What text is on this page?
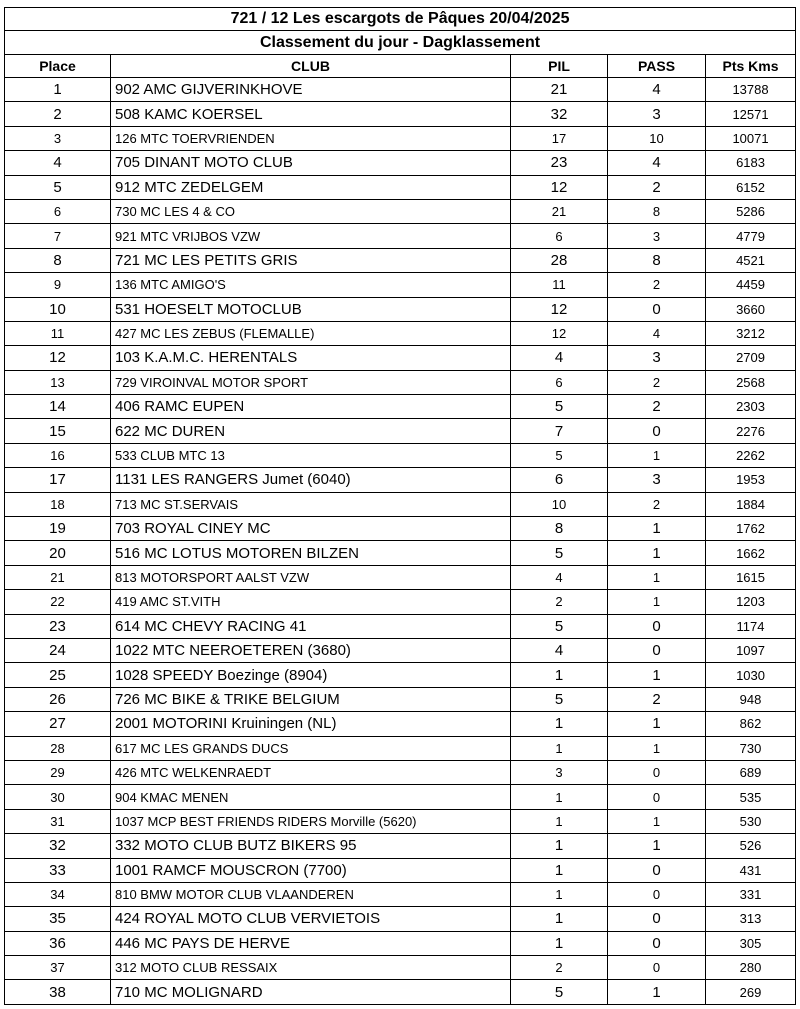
721 / 12 Les escargots de Pâques 20/04/2025				
Classement du jour - Dagklassement				
Place	CLUB	PIL	PASS	Pts Kms
1	902 AMC GIJVERINKHOVE	21	4	13788
2	508 KAMC KOERSEL	32	3	12571
3	126 MTC TOERVRIENDEN	17	10	10071
4	705 DINANT MOTO CLUB	23	4	6183
5	912 MTC ZEDELGEM	12	2	6152
6	730 MC LES 4 & CO	21	8	5286
7	921 MTC VRIJBOS VZW	6	3	4779
8	721 MC LES PETITS GRIS	28	8	4521
9	136 MTC AMIGO'S	11	2	4459
10	531 HOESELT MOTOCLUB	12	0	3660
11	427 MC LES ZEBUS (FLEMALLE)	12	4	3212
12	103 K.A.M.C. HERENTALS	4	3	2709
13	729 VIROINVAL MOTOR SPORT	6	2	2568
14	406 RAMC EUPEN	5	2	2303
15	622 MC DUREN	7	0	2276
16	533 CLUB MTC 13	5	1	2262
17	1131 LES RANGERS Jumet (6040)	6	3	1953
18	713 MC ST.SERVAIS	10	2	1884
19	703 ROYAL CINEY MC	8	1	1762
20	516 MC LOTUS MOTOREN BILZEN	5	1	1662
21	813 MOTORSPORT AALST VZW	4	1	1615
22	419 AMC ST.VITH	2	1	1203
23	614 MC CHEVY RACING 41	5	0	1174
24	1022 MTC NEEROETEREN (3680)	4	0	1097
25	1028 SPEEDY Boezinge (8904)	1	1	1030
26	726 MC BIKE & TRIKE BELGIUM	5	2	948
27	2001 MOTORINI Kruiningen (NL)	1	1	862
28	617 MC LES GRANDS DUCS	1	1	730
29	426 MTC WELKENRAEDT	3	0	689
30	904 KMAC MENEN	1	0	535
31	1037 MCP BEST FRIENDS RIDERS Morville (5620)	1	1	530
32	332 MOTO CLUB BUTZ BIKERS 95	1	1	526
33	1001 RAMCF MOUSCRON (7700)	1	0	431
34	810 BMW MOTOR CLUB VLAANDEREN	1	0	331
35	424 ROYAL MOTO CLUB VERVIETOIS	1	0	313
36	446 MC PAYS DE HERVE	1	0	305
37	312 MOTO CLUB RESSAIX	2	0	280
38	710 MC MOLIGNARD	5	1	269
